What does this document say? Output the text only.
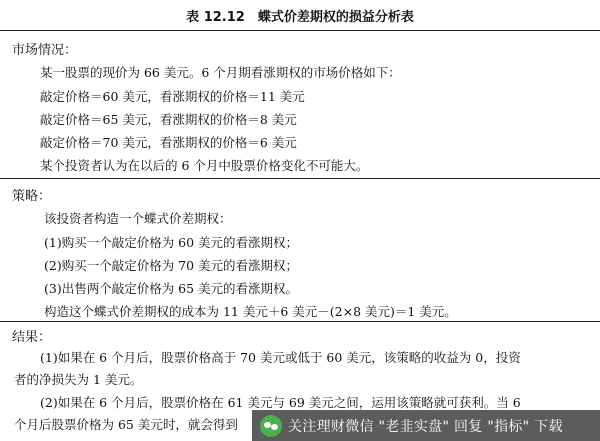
表 12.12　蝶式价差期权的损益分析表
市场情况：
某一股票的现价为 66 美元。6 个月期看涨期权的市场价格如下：
敲定价格＝60 美元，看涨期权的价格＝11 美元
敲定价格＝65 美元，看涨期权的价格＝8 美元
敲定价格＝70 美元，看涨期权的价格＝6 美元
某个投资者认为在以后的 6 个月中股票价格变化不可能大。
策略：
该投资者构造一个蝶式价差期权：
(1)购买一个敲定价格为 60 美元的看涨期权；
(2)购买一个敲定价格为 70 美元的看涨期权；
(3)出售两个敲定价格为 65 美元的看涨期权。
构造这个蝶式价差期权的成本为 11 美元＋6 美元－(2×8 美元)＝1 美元。
结果：
(1)如果在 6 个月后，股票价格高于 70 美元或低于 60 美元，该策略的收益为 0，投资
者的净损失为 1 美元。
(2)如果在 6 个月后，股票价格在 61 美元与 69 美元之间，运用该策略就可获利。当 6
个月后股票价格为 65 美元时，就会得到	关注理财微信 "老韭实盘" 回复 "指标" 下载
